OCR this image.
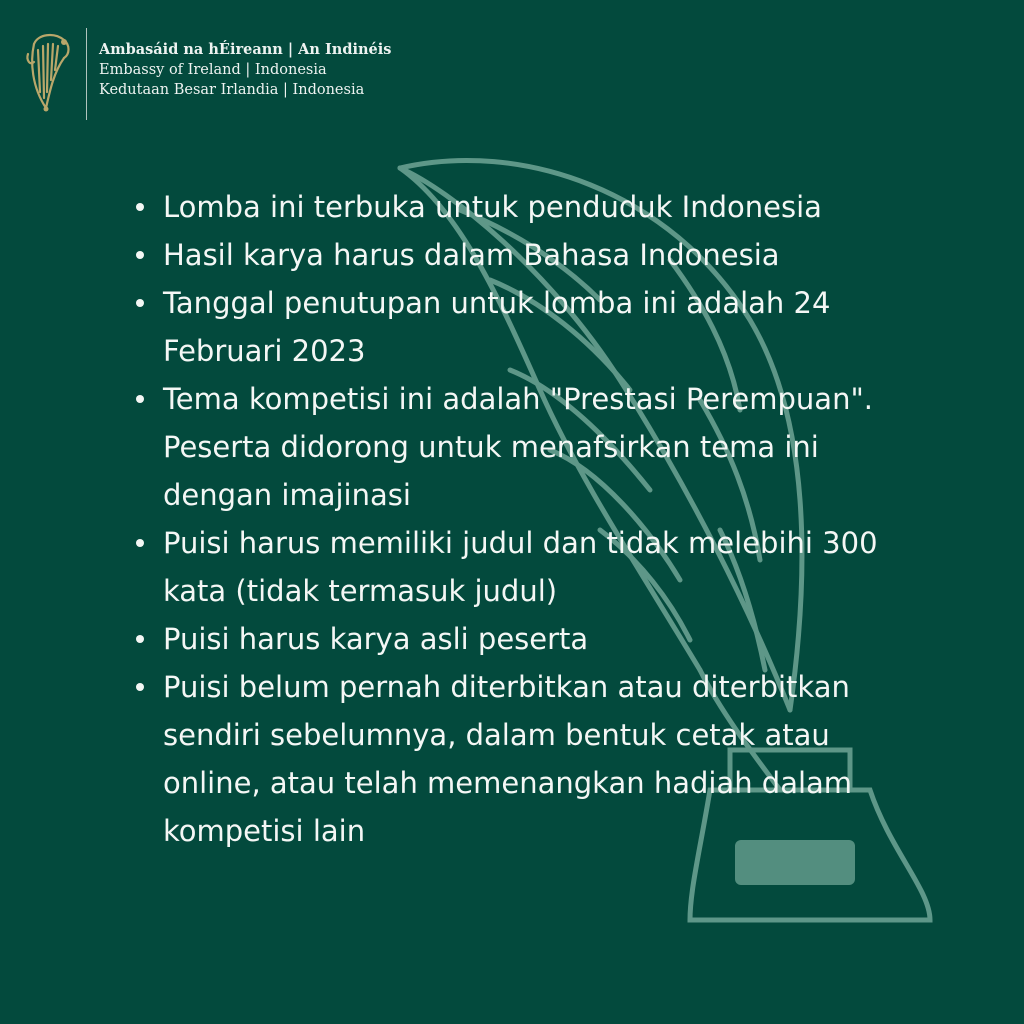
Ambasáid na hÉireann | An Indinéis
Embassy of Ireland | Indonesia
Kedutaan Besar Irlandia | Indonesia
Lomba ini terbuka untuk penduduk Indonesia
Hasil karya harus dalam Bahasa Indonesia
Tanggal penutupan untuk lomba ini adalah 24 Februari 2023
Tema kompetisi ini adalah "Prestasi Perempuan". Peserta didorong untuk menafsirkan tema ini dengan imajinasi
Puisi harus memiliki judul dan tidak melebihi 300 kata (tidak termasuk judul)
Puisi harus karya asli peserta
Puisi belum pernah diterbitkan atau diterbitkan sendiri sebelumnya, dalam bentuk cetak atau online, atau telah memenangkan hadiah dalam kompetisi lain
